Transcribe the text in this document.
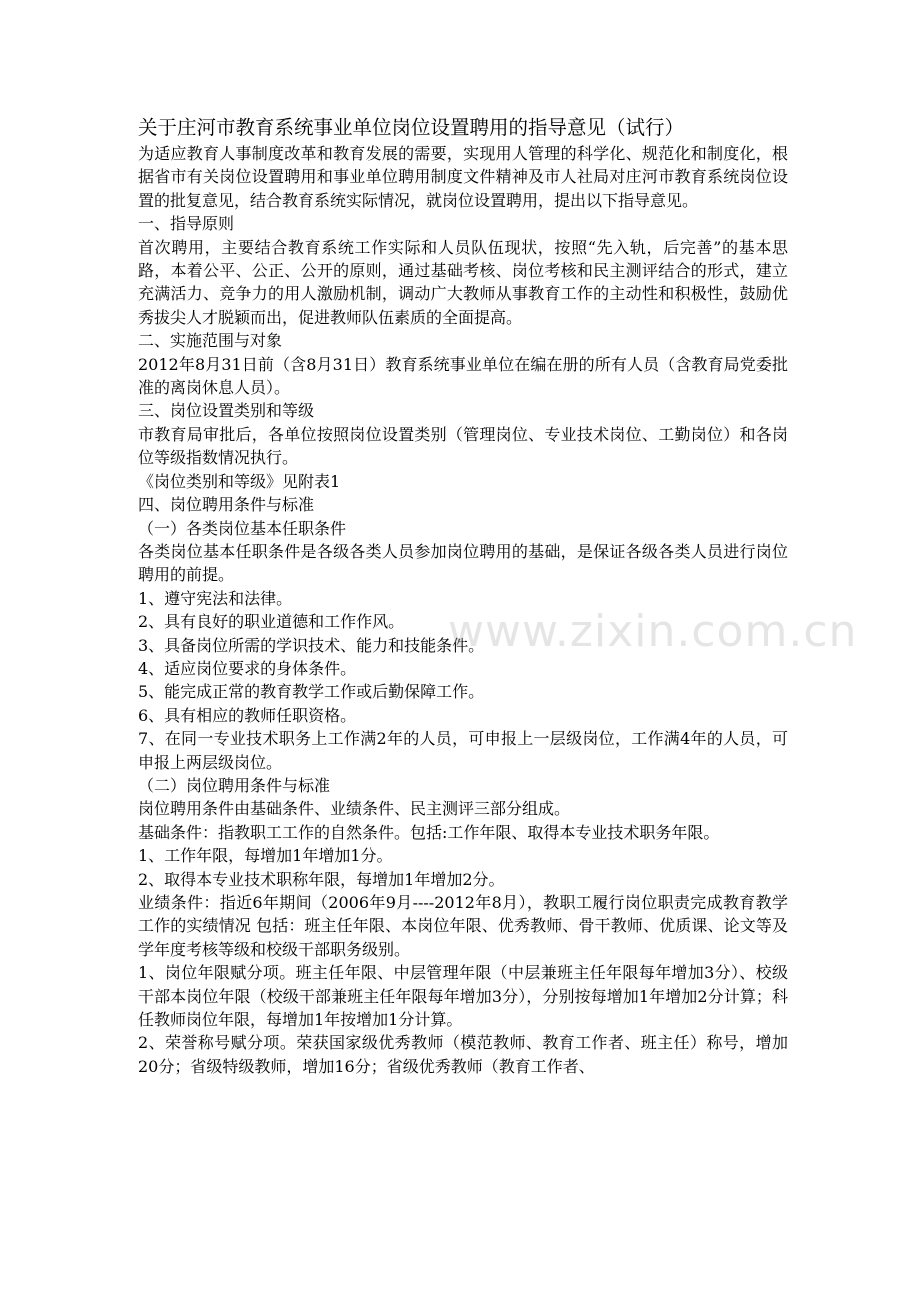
关于庄河市教育系统事业单位岗位设置聘用的指导意见（试行）

为适应教育人事制度改革和教育发展的需要，实现用人管理的科学化、规范化和制度化，根据省市有关岗位设置聘用和事业单位聘用制度文件精神及市人社局对庄河市教育系统岗位设置的批复意见，结合教育系统实际情况，就岗位设置聘用，提出以下指导意见。

一、指导原则

首次聘用，主要结合教育系统工作实际和人员队伍现状，按照“先入轨，后完善”的基本思路，本着公平、公正、公开的原则，通过基础考核、岗位考核和民主测评结合的形式，建立充满活力、竞争力的用人激励机制，调动广大教师从事教育工作的主动性和积极性，鼓励优秀拔尖人才脱颖而出，促进教师队伍素质的全面提高。

二、实施范围与对象

2012年8月31日前（含8月31日）教育系统事业单位在编在册的所有人员（含教育局党委批准的离岗休息人员）。

三、岗位设置类别和等级

市教育局审批后，各单位按照岗位设置类别（管理岗位、专业技术岗位、工勤岗位）和各岗位等级指数情况执行。

《岗位类别和等级》见附表1

四、岗位聘用条件与标准

（一）各类岗位基本任职条件

各类岗位基本任职条件是各级各类人员参加岗位聘用的基础，是保证各级各类人员进行岗位聘用的前提。

1、遵守宪法和法律。

2、具有良好的职业道德和工作作风。

3、具备岗位所需的学识技术、能力和技能条件。

4、适应岗位要求的身体条件。

5、能完成正常的教育教学工作或后勤保障工作。

6、具有相应的教师任职资格。

7、在同一专业技术职务上工作满2年的人员，可申报上一层级岗位，工作满4年的人员，可申报上两层级岗位。

（二）岗位聘用条件与标准

岗位聘用条件由基础条件、业绩条件、民主测评三部分组成。

基础条件：指教职工工作的自然条件。包括:工作年限、取得本专业技术职务年限。

1、工作年限，每增加1年增加1分。

2、取得本专业技术职称年限，每增加1年增加2分。

业绩条件：指近6年期间（2006年9月----2012年8月），教职工履行岗位职责完成教育教学工作的实绩情况 包括：班主任年限、本岗位年限、优秀教师、骨干教师、优质课、论文等及学年度考核等级和校级干部职务级别。

1、岗位年限赋分项。班主任年限、中层管理年限（中层兼班主任年限每年增加3分）、校级干部本岗位年限（校级干部兼班主任年限每年增加3分），分别按每增加1年增加2分计算；科任教师岗位年限，每增加1年按增加1分计算。

2、荣誉称号赋分项。荣获国家级优秀教师（模范教师、教育工作者、班主任）称号，增加20分；省级特级教师，增加16分；省级优秀教师（教育工作者、

www.zixin.com.cn
